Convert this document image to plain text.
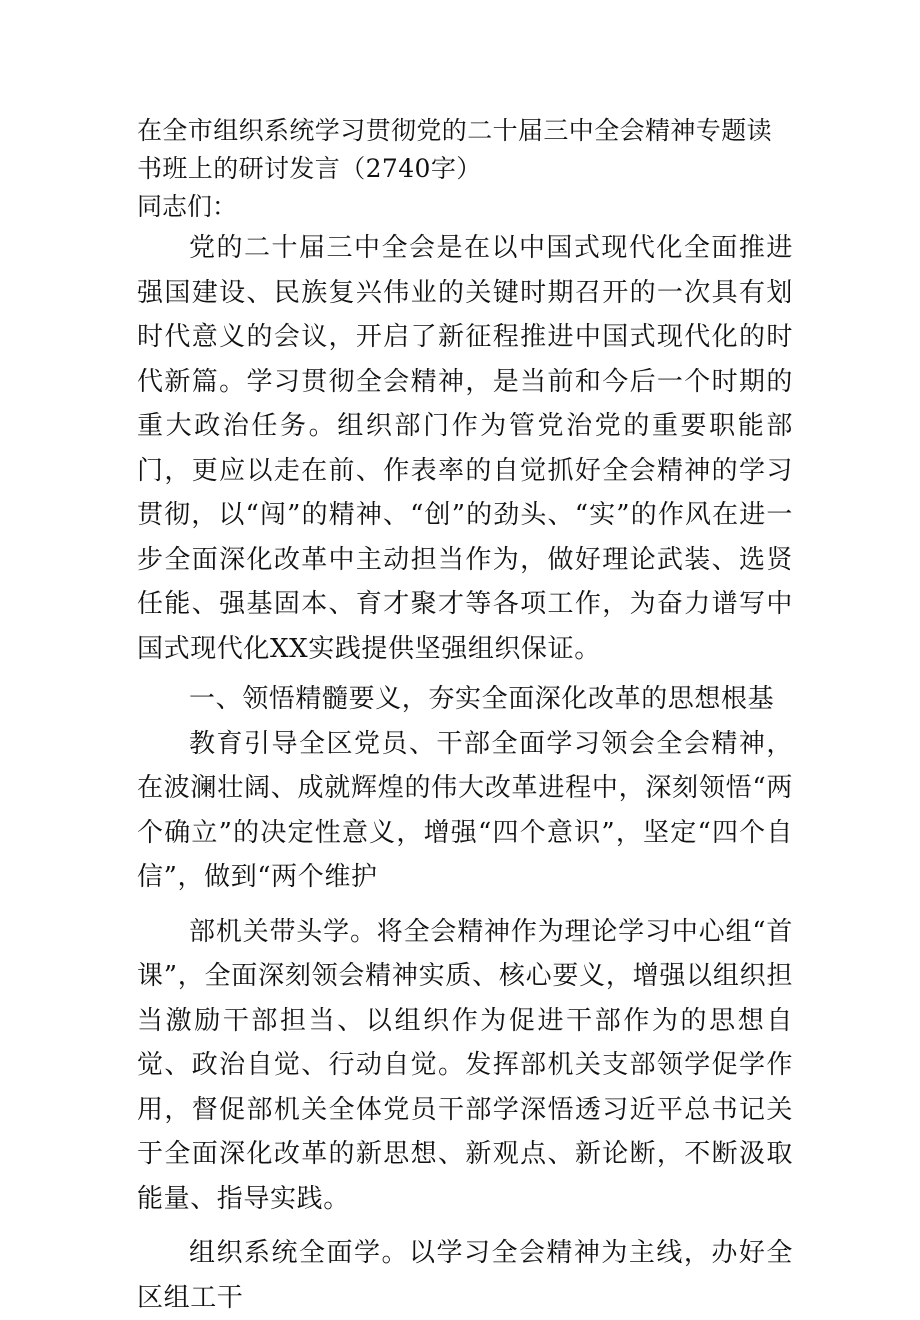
在全市组织系统学习贯彻党的二十届三中全会精神专题读书班上的研讨发言（2740字）

同志们：

党的二十届三中全会是在以中国式现代化全面推进强国建设、民族复兴伟业的关键时期召开的一次具有划时代意义的会议，开启了新征程推进中国式现代化的时代新篇。学习贯彻全会精神，是当前和今后一个时期的重大政治任务。组织部门作为管党治党的重要职能部门，更应以走在前、作表率的自觉抓好全会精神的学习贯彻，以“闯”的精神、“创”的劲头、“实”的作风在进一步全面深化改革中主动担当作为，做好理论武装、选贤任能、强基固本、育才聚才等各项工作，为奋力谱写中国式现代化XX实践提供坚强组织保证。

一、领悟精髓要义，夯实全面深化改革的思想根基

教育引导全区党员、干部全面学习领会全会精神，在波澜壮阔、成就辉煌的伟大改革进程中，深刻领悟“两个确立”的决定性意义，增强“四个意识”，坚定“四个自信”，做到“两个维护

部机关带头学。将全会精神作为理论学习中心组“首课”，全面深刻领会精神实质、核心要义，增强以组织担当激励干部担当、以组织作为促进干部作为的思想自觉、政治自觉、行动自觉。发挥部机关支部领学促学作用，督促部机关全体党员干部学深悟透习近平总书记关于全面深化改革的新思想、新观点、新论断，不断汲取能量、指导实践。

组织系统全面学。以学习全会精神为主线，办好全区组工干
